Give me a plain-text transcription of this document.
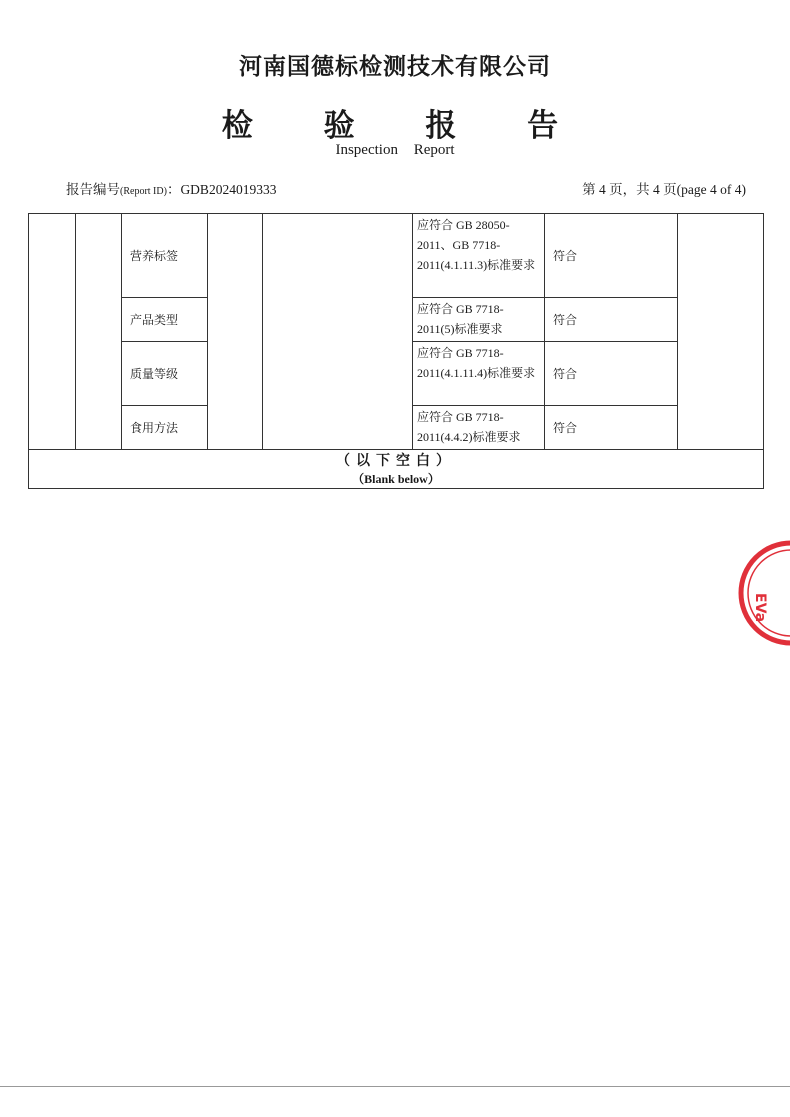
河南国德标检测技术有限公司
检 验 报 告
Inspection Report
报告编号(Report ID)：GDB2024019333	第 4 页，共 4 页(page 4 of 4)
		营养标签			应符合 GB 28050-2011、GB 7718-2011(4.1.11.3)标准要求	符合	
		产品类型			应符合 GB 7718-2011(5)标准要求	符合	
		质量等级			应符合 GB 7718-2011(4.1.11.4)标准要求	符合	
		食用方法			应符合 GB 7718-2011(4.4.2)标准要求	符合	

（以下空白）
（Blank below）							
EVa
